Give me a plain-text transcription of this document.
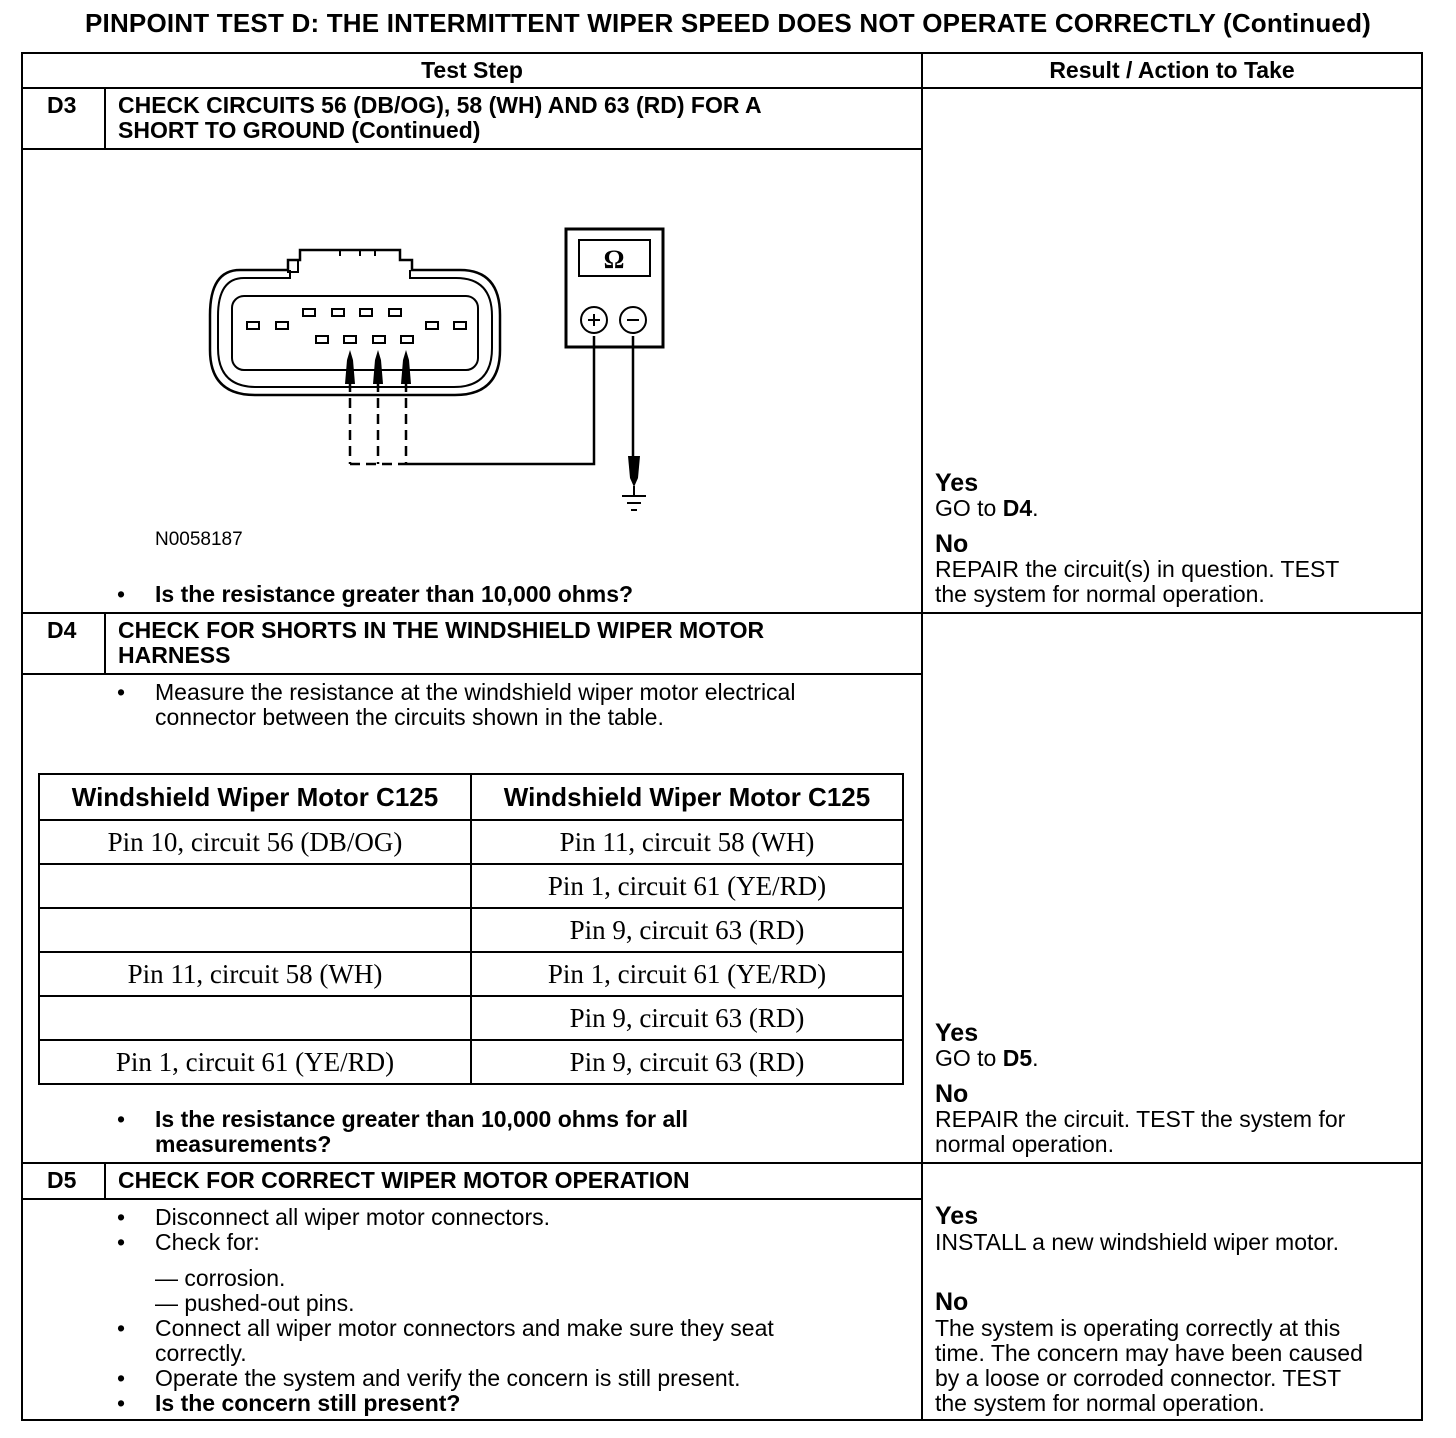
PINPOINT TEST D: THE INTERMITTENT WIPER SPEED DOES NOT OPERATE CORRECTLY (Continued)
Test Step	Result / Action to Take
D3 CHECK CIRCUITS 56 (DB/OG), 58 (WH) AND 63 (RD) FOR A
SHORT TO GROUND (Continued)
Ω
N0058187
• Is the resistance greater than 10,000 ohms?
Yes
GO to D4.
No
REPAIR the circuit(s) in question. TEST
the system for normal operation.
D4 CHECK FOR SHORTS IN THE WINDSHIELD WIPER MOTOR
HARNESS
• Measure the resistance at the windshield wiper motor electrical
connector between the circuits shown in the table.
Windshield Wiper Motor C125	Windshield Wiper Motor C125
Pin 10, circuit 56 (DB/OG)	Pin 11, circuit 58 (WH)
	Pin 1, circuit 61 (YE/RD)
	Pin 9, circuit 63 (RD)
Pin 11, circuit 58 (WH)	Pin 1, circuit 61 (YE/RD)
	Pin 9, circuit 63 (RD)
Pin 1, circuit 61 (YE/RD)	Pin 9, circuit 63 (RD)
• Is the resistance greater than 10,000 ohms for all
measurements?
Yes
GO to D5.
No
REPAIR the circuit. TEST the system for
normal operation.
D5 CHECK FOR CORRECT WIPER MOTOR OPERATION
• Disconnect all wiper motor connectors.
• Check for:
— corrosion.
— pushed-out pins.
• Connect all wiper motor connectors and make sure they seat
correctly.
• Operate the system and verify the concern is still present.
• Is the concern still present?
Yes
INSTALL a new windshield wiper motor.
No
The system is operating correctly at this
time. The concern may have been caused
by a loose or corroded connector. TEST
the system for normal operation.
